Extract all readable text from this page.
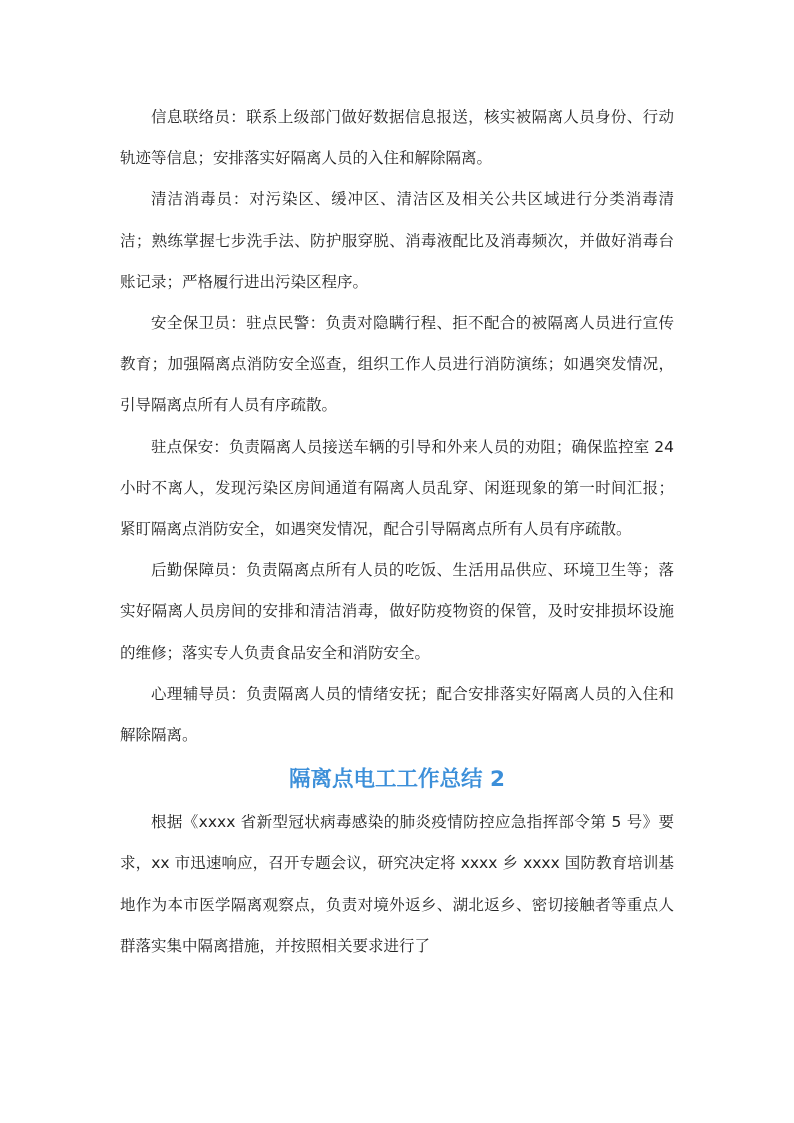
信息联络员：联系上级部门做好数据信息报送，核实被隔离人员身份、行动轨迹等信息；安排落实好隔离人员的入住和解除隔离。

清洁消毒员：对污染区、缓冲区、清洁区及相关公共区域进行分类消毒清洁；熟练掌握七步洗手法、防护服穿脱、消毒液配比及消毒频次，并做好消毒台账记录；严格履行进出污染区程序。

安全保卫员：驻点民警：负责对隐瞒行程、拒不配合的被隔离人员进行宣传教育；加强隔离点消防安全巡查，组织工作人员进行消防演练；如遇突发情况，引导隔离点所有人员有序疏散。

驻点保安：负责隔离人员接送车辆的引导和外来人员的劝阻；确保监控室 24 小时不离人，发现污染区房间通道有隔离人员乱穿、闲逛现象的第一时间汇报；紧盯隔离点消防安全，如遇突发情况，配合引导隔离点所有人员有序疏散。

后勤保障员：负责隔离点所有人员的吃饭、生活用品供应、环境卫生等；落实好隔离人员房间的安排和清洁消毒，做好防疫物资的保管，及时安排损坏设施的维修；落实专人负责食品安全和消防安全。

心理辅导员：负责隔离人员的情绪安抚；配合安排落实好隔离人员的入住和解除隔离。

隔离点电工工作总结 2

根据《xxxx 省新型冠状病毒感染的肺炎疫情防控应急指挥部令第 5 号》要求，xx 市迅速响应，召开专题会议，研究决定将 xxxx 乡 xxxx 国防教育培训基地作为本市医学隔离观察点，负责对境外返乡、湖北返乡、密切接触者等重点人群落实集中隔离措施，并按照相关要求进行了
